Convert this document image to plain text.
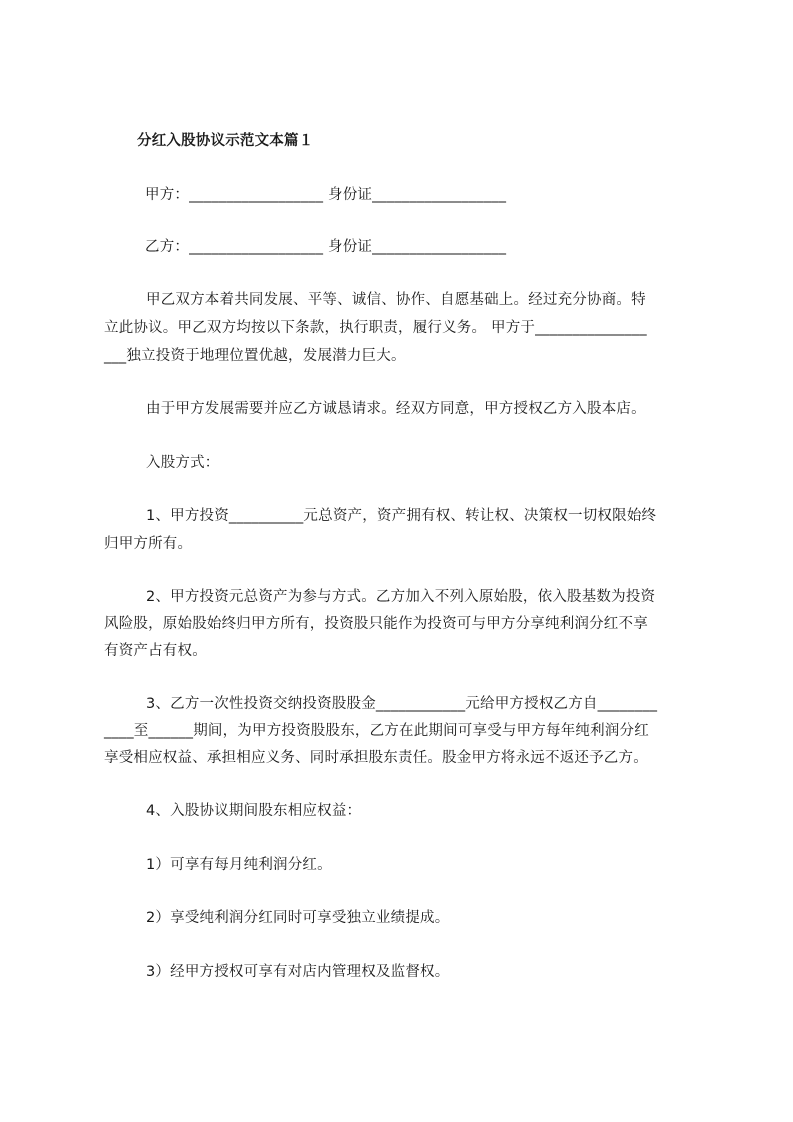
分红入股协议示范文本篇１
甲方：__________________ 身份证__________________
乙方：__________________ 身份证__________________
甲乙双方本着共同发展、平等、诚信、协作、自愿基础上。经过充分协商。特
立此协议。甲乙双方均按以下条款，执行职责，履行义务。 甲方于_______________
___独立投资于地理位置优越，发展潜力巨大。
由于甲方发展需要并应乙方诚恳请求。经双方同意，甲方授权乙方入股本店。
入股方式：
1、甲方投资__________元总资产，资产拥有权、转让权、决策权一切权限始终
归甲方所有。
2、甲方投资元总资产为参与方式。乙方加入不列入原始股，依入股基数为投资
风险股，原始股始终归甲方所有，投资股只能作为投资可与甲方分享纯利润分红不享
有资产占有权。
3、乙方一次性投资交纳投资股股金____________元给甲方授权乙方自________
____至______期间，为甲方投资股股东，乙方在此期间可享受与甲方每年纯利润分红
享受相应权益、承担相应义务、同时承担股东责任。股金甲方将永远不返还予乙方。
4、入股协议期间股东相应权益：
1）可享有每月纯利润分红。
2）享受纯利润分红同时可享受独立业绩提成。
3）经甲方授权可享有对店内管理权及监督权。
